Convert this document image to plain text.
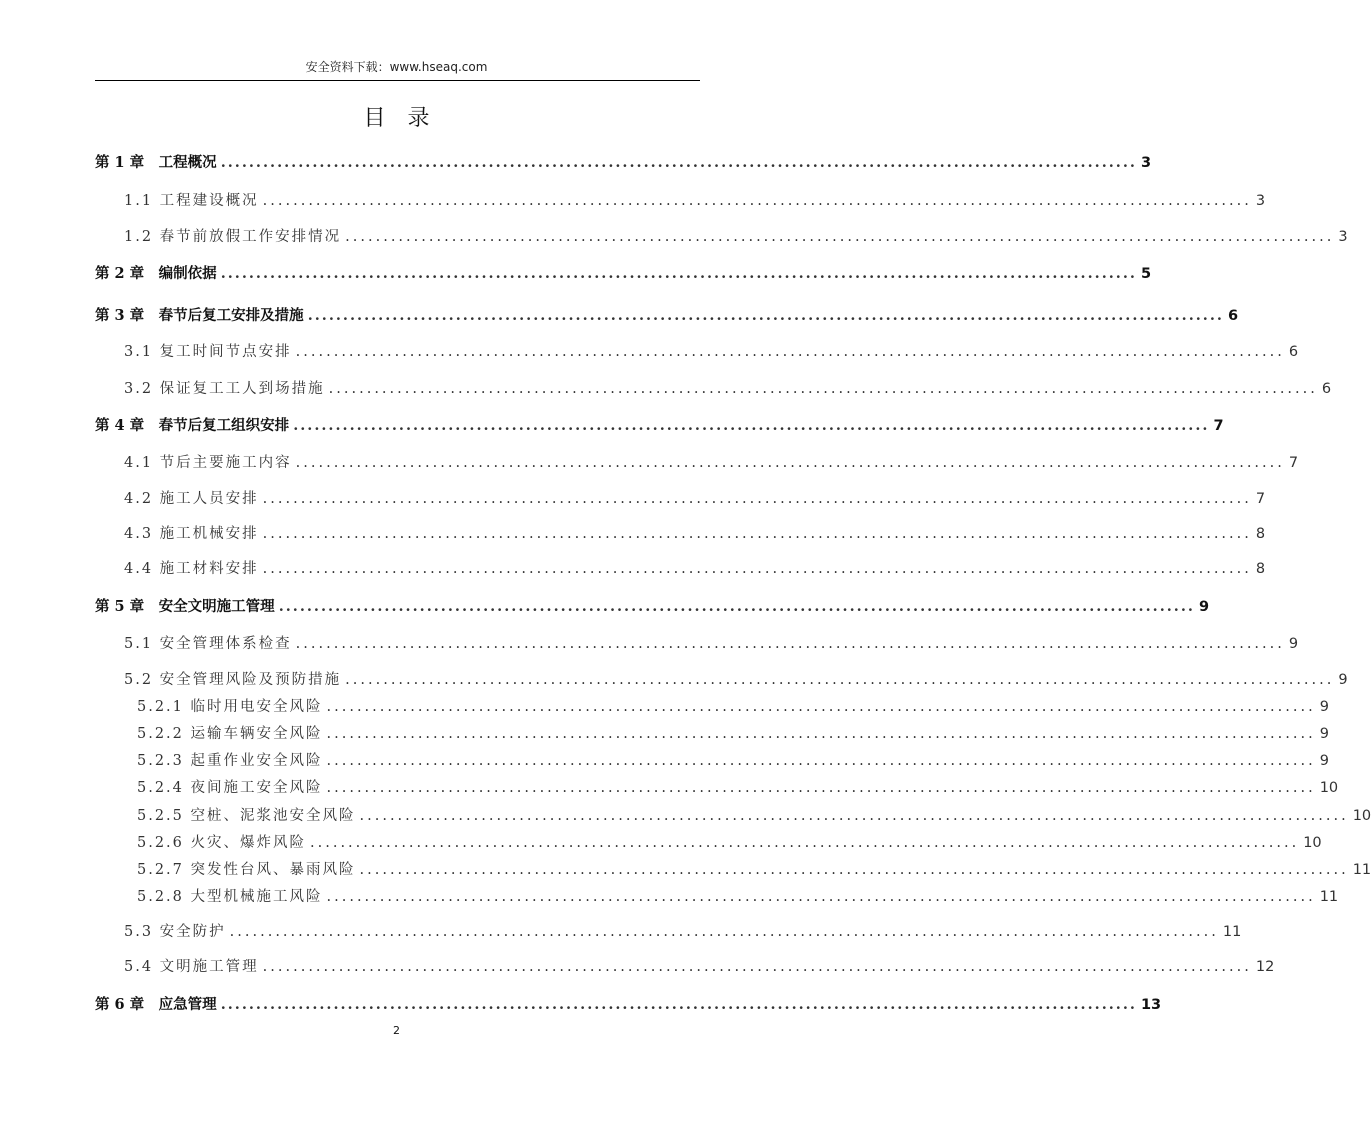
安全资料下载：www.hseaq.com
目录
第 1 章　工程概况 .................................................................................................................................. 3
1.1 工程建设概况 .................................................................................................................................. 3
1.2 春节前放假工作安排情况 .................................................................................................................................. 3
第 2 章　编制依据 .................................................................................................................................. 5
第 3 章　春节后复工安排及措施 .................................................................................................................................. 6
3.1 复工时间节点安排 .................................................................................................................................. 6
3.2 保证复工工人到场措施 .................................................................................................................................. 6
第 4 章　春节后复工组织安排 .................................................................................................................................. 7
4.1 节后主要施工内容 .................................................................................................................................. 7
4.2 施工人员安排 .................................................................................................................................. 7
4.3 施工机械安排 .................................................................................................................................. 8
4.4 施工材料安排 .................................................................................................................................. 8
第 5 章　安全文明施工管理 .................................................................................................................................. 9
5.1 安全管理体系检查 .................................................................................................................................. 9
5.2 安全管理风险及预防措施 .................................................................................................................................. 9
5.2.1 临时用电安全风险 .................................................................................................................................. 9
5.2.2 运输车辆安全风险 .................................................................................................................................. 9
5.2.3 起重作业安全风险 .................................................................................................................................. 9
5.2.4 夜间施工安全风险 .................................................................................................................................. 10
5.2.5 空桩、泥浆池安全风险 .................................................................................................................................. 10
5.2.6 火灾、爆炸风险 .................................................................................................................................. 10
5.2.7 突发性台风、暴雨风险 .................................................................................................................................. 11
5.2.8 大型机械施工风险 .................................................................................................................................. 11
5.3 安全防护 .................................................................................................................................. 11
5.4 文明施工管理 .................................................................................................................................. 12
第 6 章　应急管理 .................................................................................................................................. 13
2
